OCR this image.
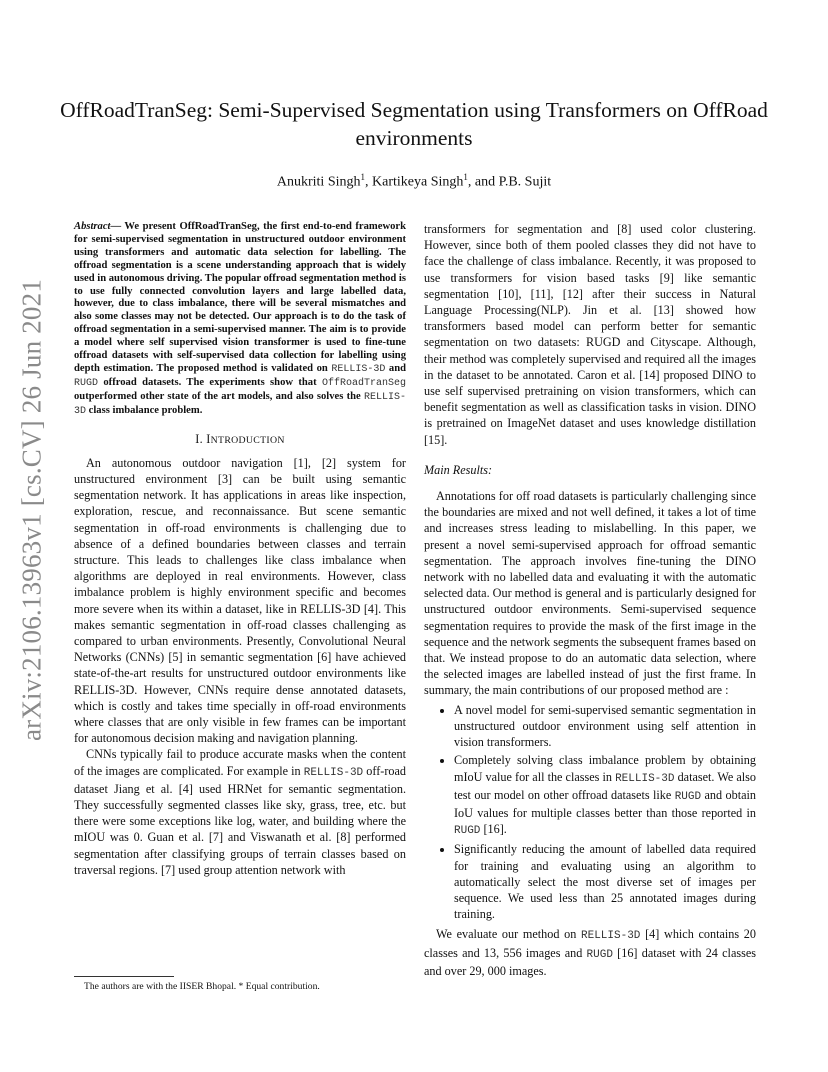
arXiv:2106.13963v1 [cs.CV] 26 Jun 2021
OffRoadTranSeg: Semi-Supervised Segmentation using Transformers on OffRoad environments
Anukriti Singh$^1$, Kartikeya Singh$^1$, and P.B. Sujit

Abstract— We present OffRoadTranSeg, the first end-to-end framework for semi-supervised segmentation in unstructured outdoor environment using transformers and automatic data selection for labelling. The offroad segmentation is a scene understanding approach that is widely used in autonomous driving. The popular offroad segmentation method is to use fully connected convolution layers and large labelled data, however, due to class imbalance, there will be several mismatches and also some classes may not be detected. Our approach is to do the task of offroad segmentation in a semi-supervised manner. The aim is to provide a model where self supervised vision transformer is used to fine-tune offroad datasets with self-supervised data collection for labelling using depth estimation. The proposed method is validated on RELLIS-3D and RUGD offroad datasets. The experiments show that OffRoadTranSeg outperformed other state of the art models, and also solves the RELLIS-3D class imbalance problem.

I. INTRODUCTION

An autonomous outdoor navigation [1], [2] system for unstructured environment [3] can be built using semantic segmentation network. It has applications in areas like inspection, exploration, rescue, and reconnaissance. But scene semantic segmentation in off-road environments is challenging due to absence of a defined boundaries between classes and terrain structure. This leads to challenges like class imbalance when algorithms are deployed in real environments. However, class imbalance problem is highly environment specific and becomes more severe when its within a dataset, like in RELLIS-3D [4]. This makes semantic segmentation in off-road classes challenging as compared to urban environments. Presently, Convolutional Neural Networks (CNNs) [5] in semantic segmentation [6] have achieved state-of-the-art results for unstructured outdoor environments like RELLIS-3D. However, CNNs require dense annotated datasets, which is costly and takes time specially in off-road environments where classes that are only visible in few frames can be important for autonomous decision making and navigation planning.

CNNs typically fail to produce accurate masks when the content of the images are complicated. For example in RELLIS-3D off-road dataset Jiang et al. [4] used HRNet for semantic segmentation. They successfully segmented classes like sky, grass, tree, etc. but there were some exceptions like log, water, and building where the mIOU was 0. Guan et al. [7] and Viswanath et al. [8] performed segmentation after classifying groups of terrain classes based on traversal regions. [7] used group attention network with

transformers for segmentation and [8] used color clustering. However, since both of them pooled classes they did not have to face the challenge of class imbalance. Recently, it was proposed to use transformers for vision based tasks [9] like semantic segmentation [10], [11], [12] after their success in Natural Language Processing(NLP). Jin et al. [13] showed how transformers based model can perform better for semantic segmentation on two datasets: RUGD and Cityscape. Although, their method was completely supervised and required all the images in the dataset to be annotated. Caron et al. [14] proposed DINO to use self supervised pretraining on vision transformers, which can benefit segmentation as well as classification tasks in vision. DINO is pretrained on ImageNet dataset and uses knowledge distillation [15].

Main Results:

Annotations for off road datasets is particularly challenging since the boundaries are mixed and not well defined, it takes a lot of time and increases stress leading to mislabelling. In this paper, we present a novel semi-supervised approach for offroad semantic segmentation. The approach involves fine-tuning the DINO network with no labelled data and evaluating it with the automatic selected data. Our method is general and is particularly designed for unstructured outdoor environments. Semi-supervised sequence segmentation requires to provide the mask of the first image in the sequence and the network segments the subsequent frames based on that. We instead propose to do an automatic data selection, where the selected images are labelled instead of just the first frame. In summary, the main contributions of our proposed method are :

• A novel model for semi-supervised semantic segmentation in unstructured outdoor environment using self attention in vision transformers.
• Completely solving class imbalance problem by obtaining mIoU value for all the classes in RELLIS-3D dataset. We also test our model on other offroad datasets like RUGD and obtain IoU values for multiple classes better than those reported in RUGD [16].
• Significantly reducing the amount of labelled data required for training and evaluating using an algorithm to automatically select the most diverse set of images per sequence. We used less than 25 annotated images during training.

We evaluate our method on RELLIS-3D [4] which contains 20 classes and 13, 556 images and RUGD [16] dataset with 24 classes and over 29, 000 images.

The authors are with the IISER Bhopal. * Equal contribution.
